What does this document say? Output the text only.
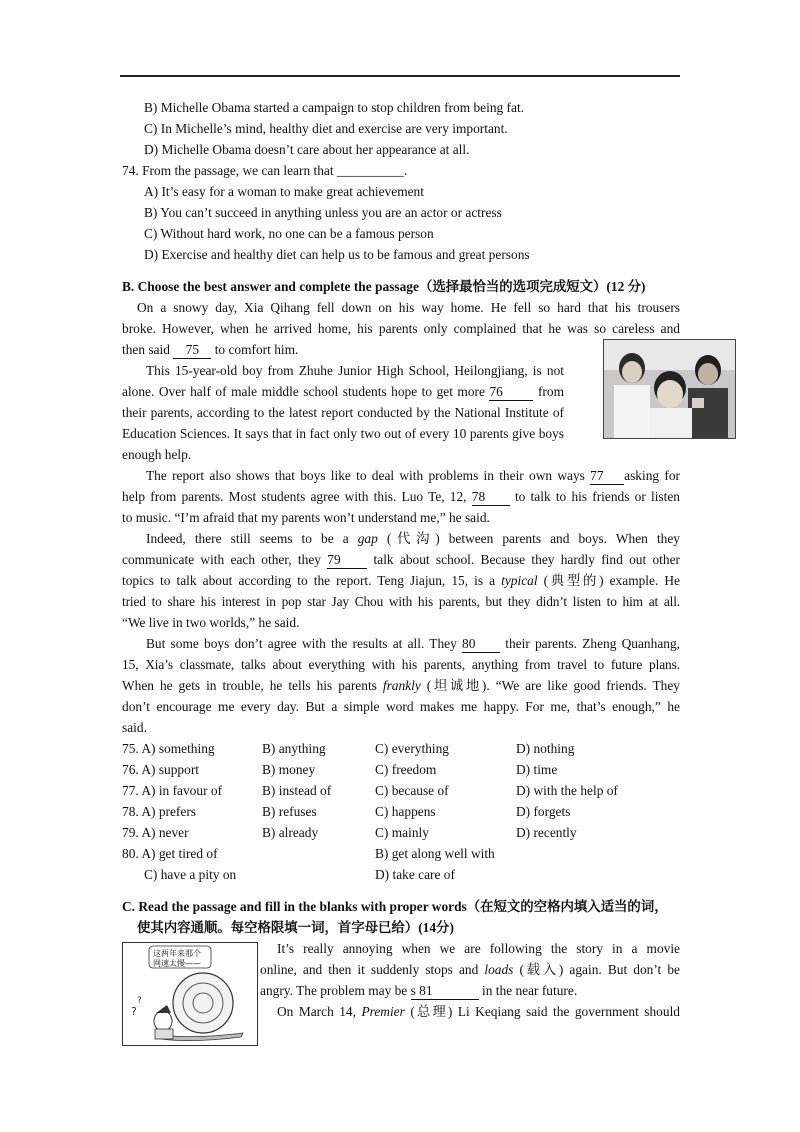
B) Michelle Obama started a campaign to stop children from being fat.
C) In Michelle’s mind, healthy diet and exercise are very important.
D) Michelle Obama doesn’t care about her appearance at all.
74. From the passage, we can learn that __________.
A) It’s easy for a woman to make great achievement
B) You can’t succeed in anything unless you are an actor or actress
C) Without hard work, no one can be a famous person
D) Exercise and healthy diet can help us to be famous and great persons
B. Choose the best answer and complete the passage（选择最恰当的选项完成短文）(12 分)
On a snowy day, Xia Qihang fell down on his way home. He fell so hard that his trousers
broke. However, when he arrived home, his parents only complained that he was so careless and
then said 75 to comfort him.
This 15-year-old boy from Zhuhe Junior High School, Heilongjiang, is not
alone. Over half of male middle school students hope to get more 76	from
their parents, according to the latest report conducted by the National Institute of
Education Sciences. It says that in fact only two out of every 10 parents give boys
enough help.
The report also shows that boys like to deal with problems in their own ways 77 asking for
help from parents. Most students agree with this. Luo Te, 12, 78 to talk to his friends or listen
to music. “I’m afraid that my parents won’t understand me,” he said.
Indeed, there still seems to be a gap (代沟) between parents and boys. When they
communicate with each other, they 79 talk about school. Because they hardly find out other
topics to talk about according to the report. Teng Jiajun, 15, is a typical (典型的) example. He
tried to share his interest in pop star Jay Chou with his parents, but they didn’t listen to him at all.
“We live in two worlds,” he said.
But some boys don’t agree with the results at all. They 80 their parents. Zheng Quanhang,
15, Xia’s classmate, talks about everything with his parents, anything from travel to future plans.
When he gets in trouble, he tells his parents frankly (坦诚地). “We are like good friends. They
don’t encourage me every day. But a simple word makes me happy. For me, that’s enough,” he
said.
75. A) something	B) anything	C) everything	D) nothing
76. A) support	B) money	C) freedom	D) time
77. A) in favour of	B) instead of	C) because of	D) with the help of
78. A) prefers	B) refuses	C) happens	D) forgets
79. A) never	B) already	C) mainly	D) recently
80. A) get tired of	B) get along well with
C) have a pity on	D) take care of
C. Read the passage and fill in the blanks with proper words（在短文的空格内填入适当的词，
使其内容通顺。每空格限填一词，首字母已给）(14分)
?
?
这两年来那个 网速太慢——
It’s really annoying when we are following the story in a movie
online, and then it suddenly stops and loads (载入) again. But don’t be
angry. The problem may be s 81	in the near future.
On March 14, Premier (总理) Li Keqiang said the government should
